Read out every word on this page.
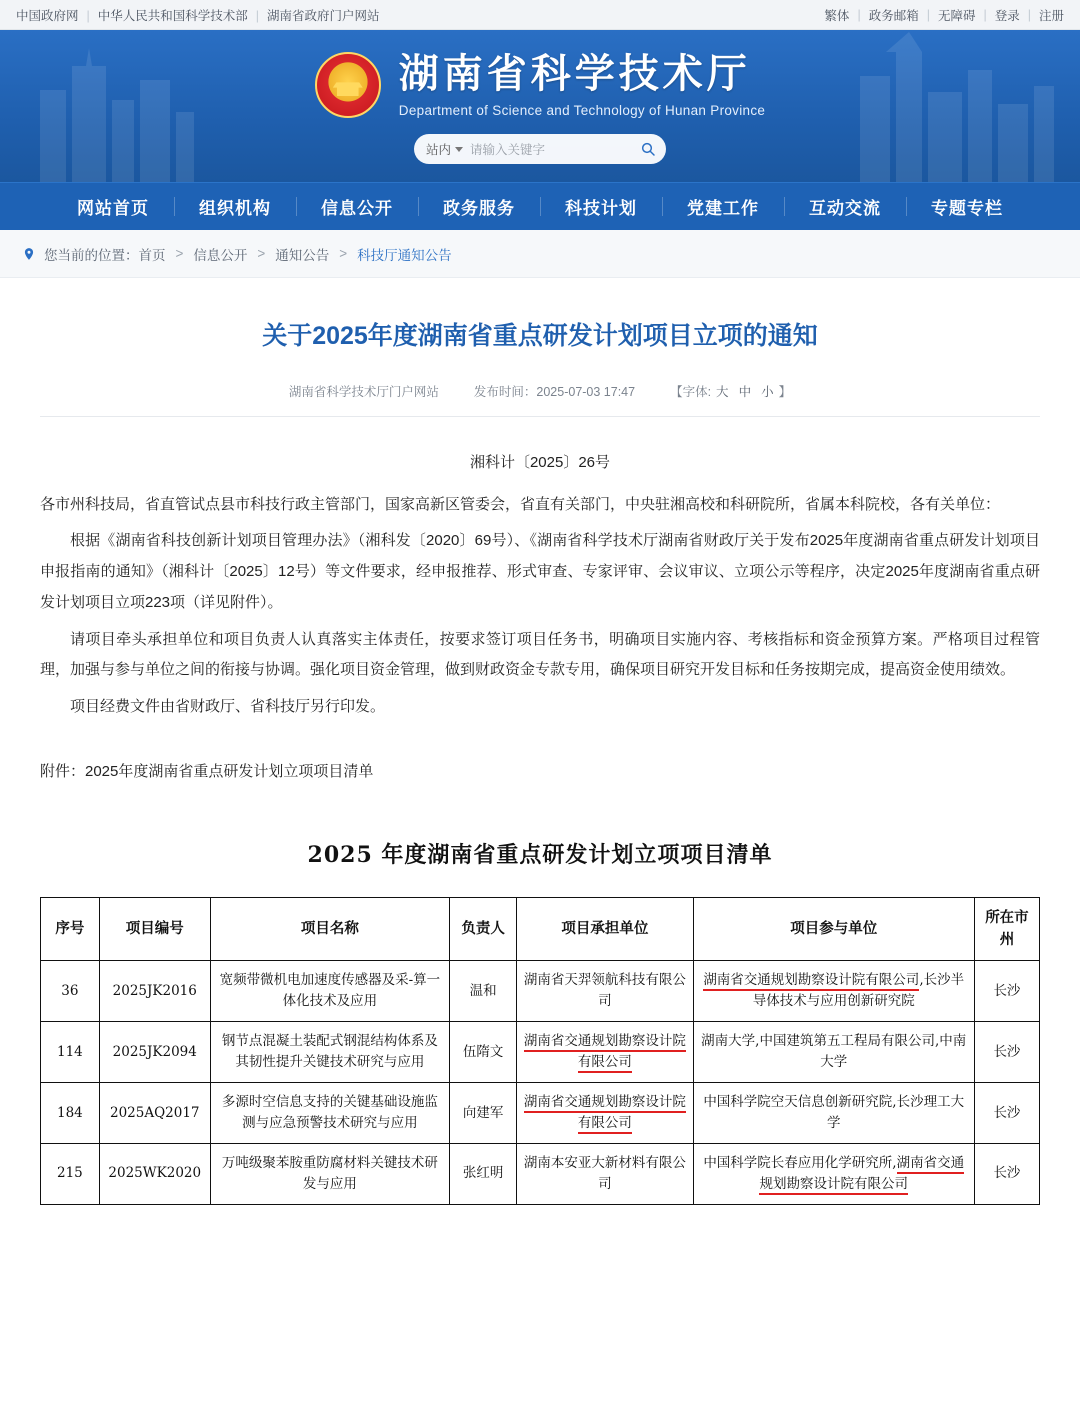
中国政府网 | 中华人民共和国科学技术部 | 湖南省政府门户网站	繁体 | 政务邮箱 | 无障碍 | 登录 | 注册
湖南省科学技术厅
Department of Science and Technology of Hunan Province
站内 请输入关键字
网站首页	组织机构	信息公开	政务服务	科技计划	党建工作	互动交流	专题专栏
您当前的位置： 首页 > 信息公开 > 通知公告 > 科技厅通知公告
关于2025年度湖南省重点研发计划项目立项的通知
湖南省科学技术厅门户网站	发布时间：2025-07-03 17:47	【字体: 大 中 小 】
湘科计〔2025〕26号

各市州科技局，省直管试点县市科技行政主管部门，国家高新区管委会，省直有关部门，中央驻湘高校和科研院所，省属本科院校，各有关单位：

根据《湖南省科技创新计划项目管理办法》（湘科发〔2020〕69号）、《湖南省科学技术厅湖南省财政厅关于发布2025年度湖南省重点研发计划项目申报指南的通知》（湘科计〔2025〕12号）等文件要求，经申报推荐、形式审查、专家评审、会议审议、立项公示等程序，决定2025年度湖南省重点研发计划项目立项223项（详见附件）。

请项目牵头承担单位和项目负责人认真落实主体责任，按要求签订项目任务书，明确项目实施内容、考核指标和资金预算方案。严格项目过程管理，加强与参与单位之间的衔接与协调。强化项目资金管理，做到财政资金专款专用，确保项目研究开发目标和任务按期完成，提高资金使用绩效。

项目经费文件由省财政厅、省科技厅另行印发。

附件：2025年度湖南省重点研发计划立项项目清单

2025 年度湖南省重点研发计划立项项目清单
序号	项目编号	项目名称	负责人	项目承担单位	项目参与单位	所在市州
36	2025JK2016	宽频带微机电加速度传感器及采-算一体化技术及应用	温和	湖南省天羿领航科技有限公司	湖南省交通规划勘察设计院有限公司,长沙半导体技术与应用创新研究院	长沙
114	2025JK2094	钢节点混凝土装配式钢混结构体系及其韧性提升关键技术研究与应用	伍隋文	湖南省交通规划勘察设计院有限公司	湖南大学,中国建筑第五工程局有限公司,中南大学	长沙
184	2025AQ2017	多源时空信息支持的关键基础设施监测与应急预警技术研究与应用	向建军	湖南省交通规划勘察设计院有限公司	中国科学院空天信息创新研究院,长沙理工大学	长沙
215	2025WK2020	万吨级聚苯胺重防腐材料关键技术研发与应用	张红明	湖南本安亚大新材料有限公司	中国科学院长春应用化学研究所,湖南省交通规划勘察设计院有限公司	长沙
